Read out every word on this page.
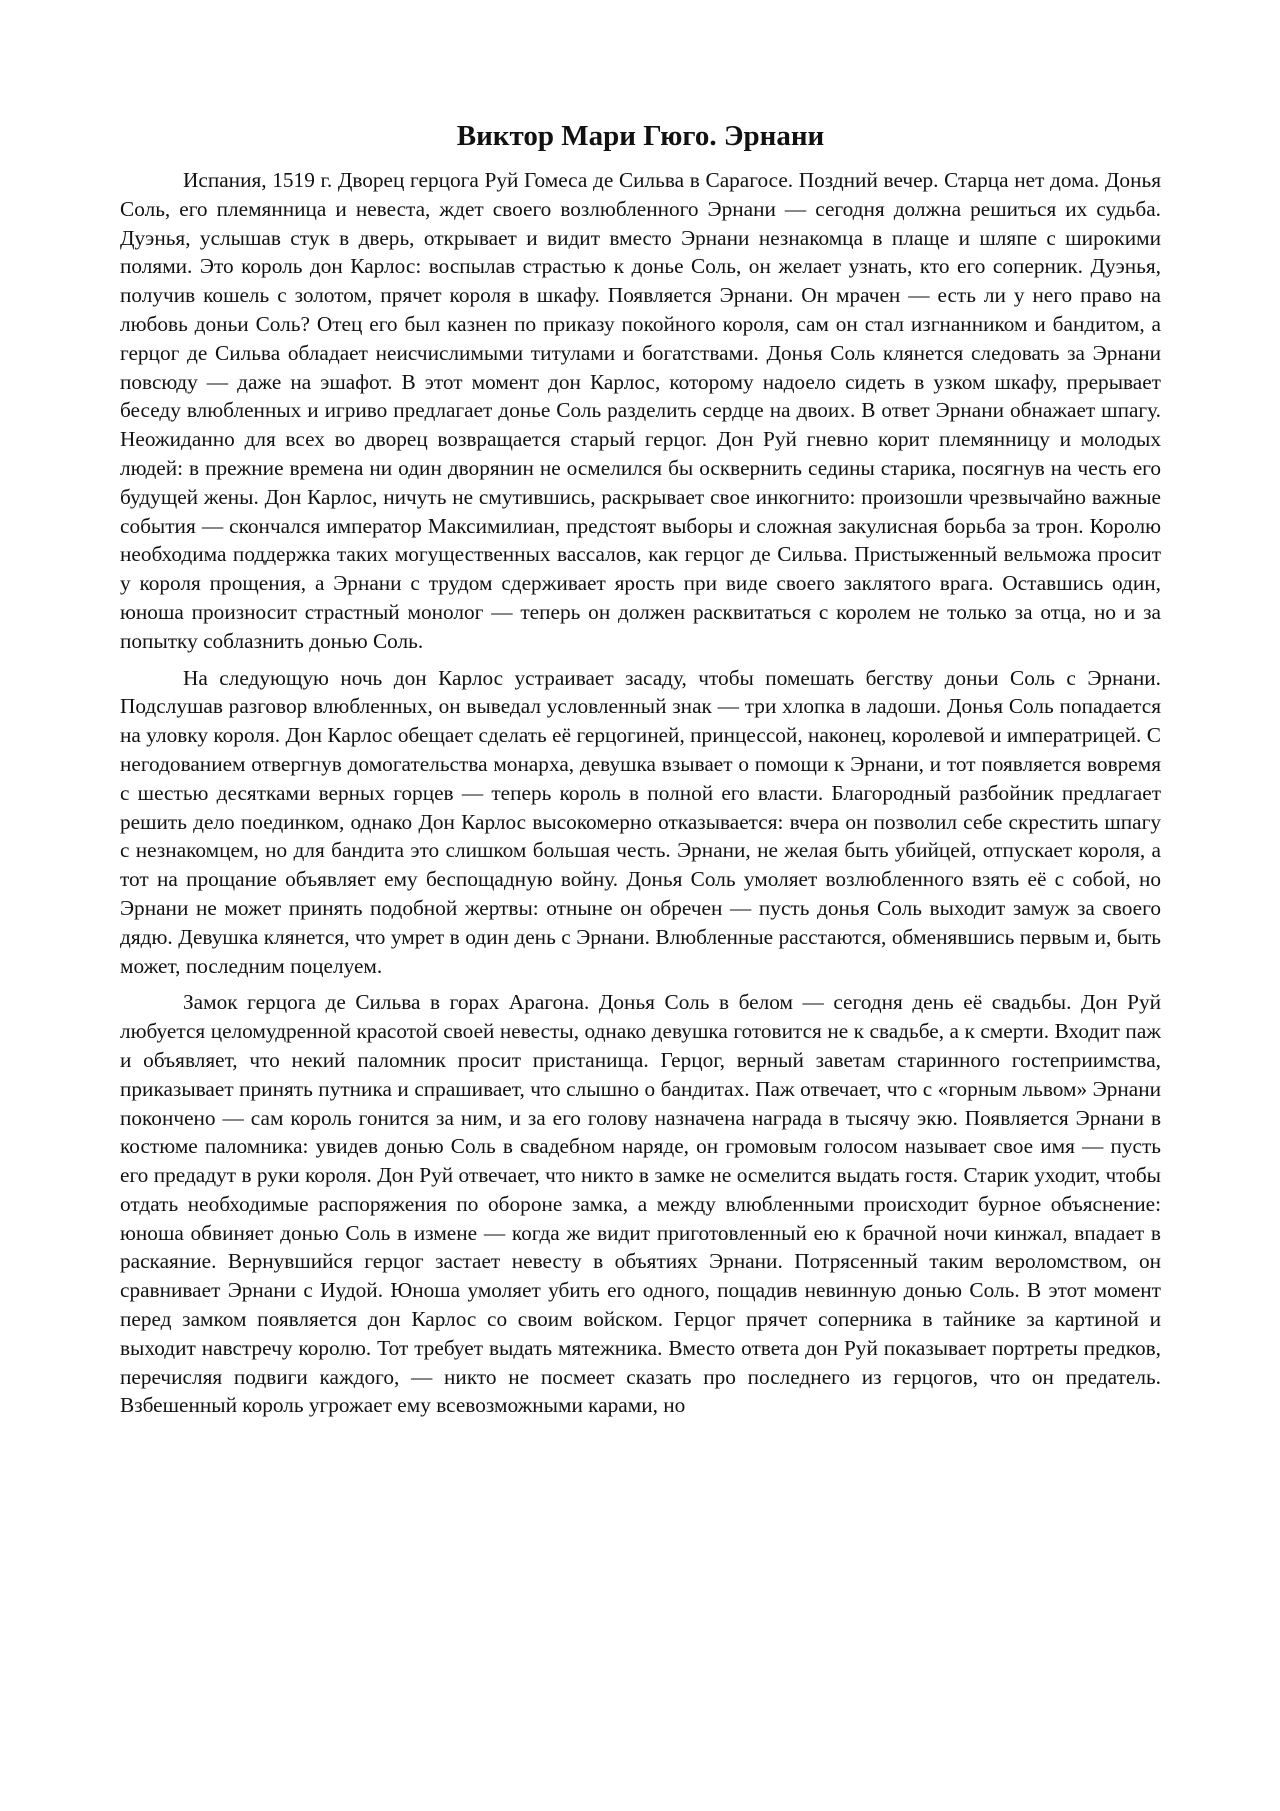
Виктор Мари Гюго. Эрнани

Испания, 1519 г. Дворец герцога Руй Гомеса де Сильва в Сарагосе. Поздний вечер. Старца нет дома. Донья Соль, его племянница и невеста, ждет своего возлюбленного Эрнани — сегодня должна решиться их судьба. Дуэнья, услышав стук в дверь, открывает и видит вместо Эрнани незнакомца в плаще и шляпе с широкими полями. Это король дон Карлос: воспылав страстью к донье Соль, он желает узнать, кто его соперник. Дуэнья, получив кошель с золотом, прячет короля в шкафу. Появляется Эрнани. Он мрачен — есть ли у него право на любовь доньи Соль? Отец его был казнен по приказу покойного короля, сам он стал изгнанником и бандитом, а герцог де Сильва обладает неисчислимыми титулами и богатствами. Донья Соль клянется следовать за Эрнани повсюду — даже на эшафот. В этот момент дон Карлос, которому надоело сидеть в узком шкафу, прерывает беседу влюбленных и игриво предлагает донье Соль разделить сердце на двоих. В ответ Эрнани обнажает шпагу. Неожиданно для всех во дворец возвращается старый герцог. Дон Руй гневно корит племянницу и молодых людей: в прежние времена ни один дворянин не осмелился бы осквернить седины старика, посягнув на честь его будущей жены. Дон Карлос, ничуть не смутившись, раскрывает свое инкогнито: произошли чрезвычайно важные события — скончался император Максимилиан, предстоят выборы и сложная закулисная борьба за трон. Королю необходима поддержка таких могущественных вассалов, как герцог де Сильва. Пристыженный вельможа просит у короля прощения, а Эрнани с трудом сдерживает ярость при виде своего заклятого врага. Оставшись один, юноша произносит страстный монолог — теперь он должен расквитаться с королем не только за отца, но и за попытку соблазнить донью Соль.

На следующую ночь дон Карлос устраивает засаду, чтобы помешать бегству доньи Соль с Эрнани. Подслушав разговор влюбленных, он выведал условленный знак — три хлопка в ладоши. Донья Соль попадается на уловку короля. Дон Карлос обещает сделать её герцогиней, принцессой, наконец, королевой и императрицей. С негодованием отвергнув домогательства монарха, девушка взывает о помощи к Эрнани, и тот появляется вовремя с шестью десятками верных горцев — теперь король в полной его власти. Благородный разбойник предлагает решить дело поединком, однако Дон Карлос высокомерно отказывается: вчера он позволил себе скрестить шпагу с незнакомцем, но для бандита это слишком большая честь. Эрнани, не желая быть убийцей, отпускает короля, а тот на прощание объявляет ему беспощадную войну. Донья Соль умоляет возлюбленного взять её с собой, но Эрнани не может принять подобной жертвы: отныне он обречен — пусть донья Соль выходит замуж за своего дядю. Девушка клянется, что умрет в один день с Эрнани. Влюбленные расстаются, обменявшись первым и, быть может, последним поцелуем.

Замок герцога де Сильва в горах Арагона. Донья Соль в белом — сегодня день её свадьбы. Дон Руй любуется целомудренной красотой своей невесты, однако девушка готовится не к свадьбе, а к смерти. Входит паж и объявляет, что некий паломник просит пристанища. Герцог, верный заветам старинного гостеприимства, приказывает принять путника и спрашивает, что слышно о бандитах. Паж отвечает, что с «горным львом» Эрнани покончено — сам король гонится за ним, и за его голову назначена награда в тысячу экю. Появляется Эрнани в костюме паломника: увидев донью Соль в свадебном наряде, он громовым голосом называет свое имя — пусть его предадут в руки короля. Дон Руй отвечает, что никто в замке не осмелится выдать гостя. Старик уходит, чтобы отдать необходимые распоряжения по обороне замка, а между влюбленными происходит бурное объяснение: юноша обвиняет донью Соль в измене — когда же видит приготовленный ею к брачной ночи кинжал, впадает в раскаяние. Вернувшийся герцог застает невесту в объятиях Эрнани. Потрясенный таким вероломством, он сравнивает Эрнани с Иудой. Юноша умоляет убить его одного, пощадив невинную донью Соль. В этот момент перед замком появляется дон Карлос со своим войском. Герцог прячет соперника в тайнике за картиной и выходит навстречу королю. Тот требует выдать мятежника. Вместо ответа дон Руй показывает портреты предков, перечисляя подвиги каждого, — никто не посмеет сказать про последнего из герцогов, что он предатель. Взбешенный король угрожает ему всевозможными карами, но
